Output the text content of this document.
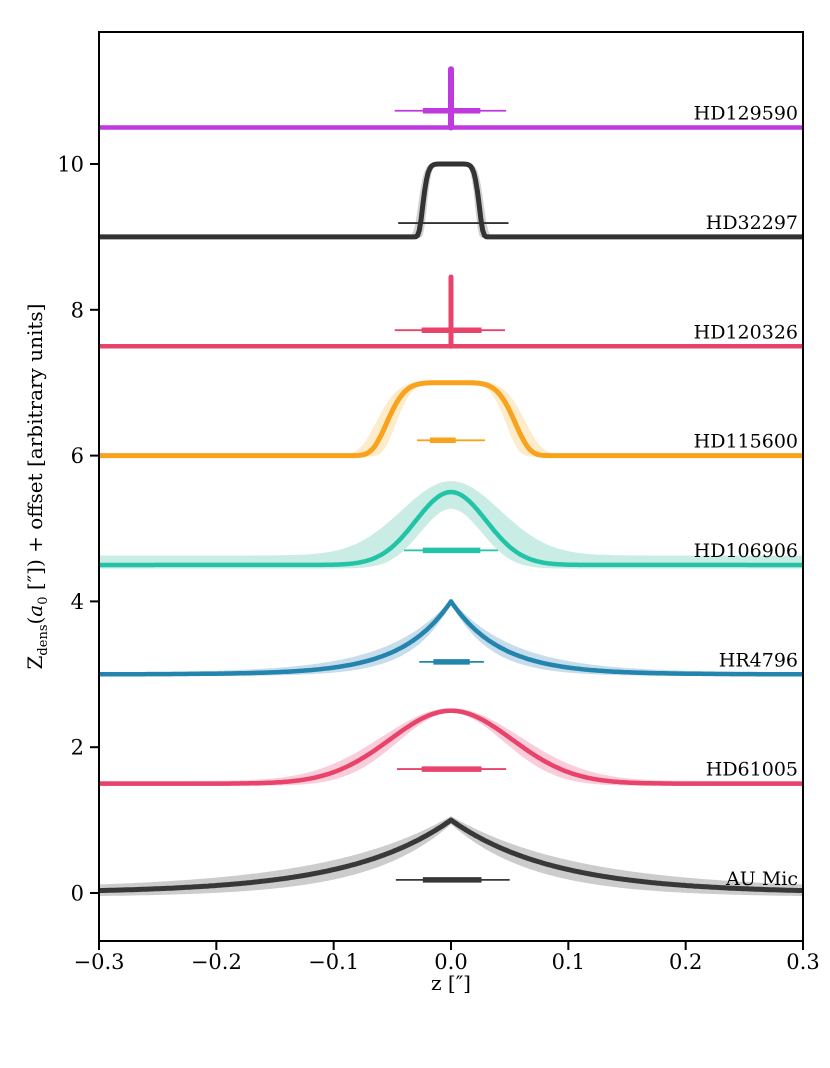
HD129590
HD32297
HD120326
HD115600
HD106906
HR4796
HD61005
AU Mic
−0.3	−0.2	−0.1	0.0	0.1	0.2	0.3
0
2
4
6
8
10
z [″]
$Z_{dens}(a_0$ [″]) + offset [arbitrary units]
